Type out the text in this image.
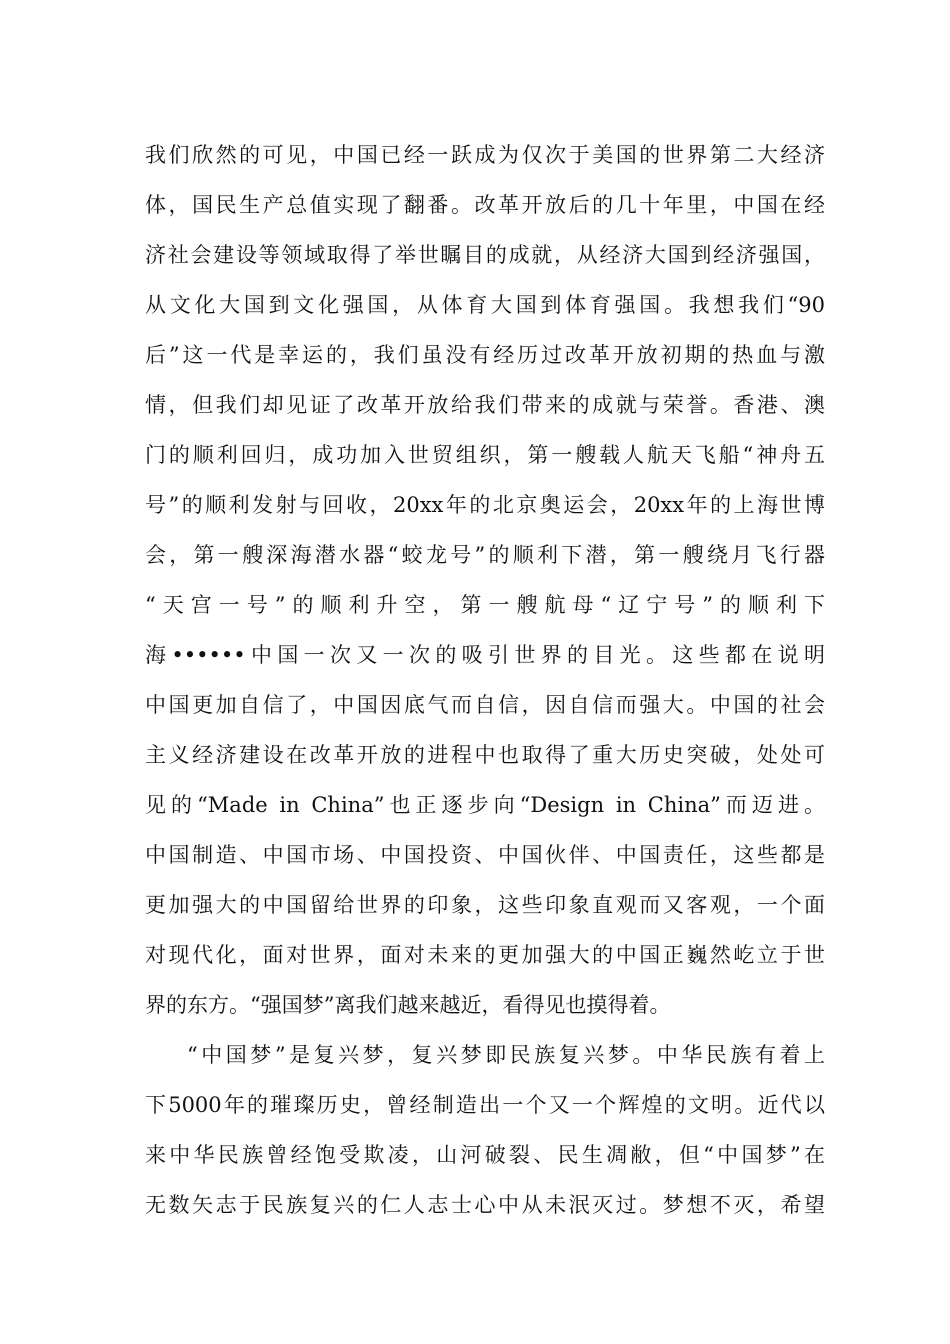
我们欣然的可见，中国已经一跃成为仅次于美国的世界第二大经济
体，国民生产总值实现了翻番。改革开放后的几十年里，中国在经
济社会建设等领域取得了举世瞩目的成就，从经济大国到经济强国，
从文化大国到文化强国，从体育大国到体育强国。我想我们“90
后”这一代是幸运的，我们虽没有经历过改革开放初期的热血与激
情，但我们却见证了改革开放给我们带来的成就与荣誉。香港、澳
门的顺利回归，成功加入世贸组织，第一艘载人航天飞船“神舟五
号”的顺利发射与回收，20xx年的北京奥运会，20xx年的上海世博
会，第一艘深海潜水器“蛟龙号”的顺利下潜，第一艘绕月飞行器
“天宫一号”的顺利升空，第一艘航母“辽宁号”的顺利下
海••••••中国一次又一次的吸引世界的目光。这些都在说明
中国更加自信了，中国因底气而自信，因自信而强大。中国的社会
主义经济建设在改革开放的进程中也取得了重大历史突破，处处可
见的“Made in China”也正逐步向“Design in China”而迈进。
中国制造、中国市场、中国投资、中国伙伴、中国责任，这些都是
更加强大的中国留给世界的印象，这些印象直观而又客观，一个面
对现代化，面对世界，面对未来的更加强大的中国正巍然屹立于世
界的东方。“强国梦”离我们越来越近，看得见也摸得着。
“中国梦”是复兴梦，复兴梦即民族复兴梦。中华民族有着上
下5000年的璀璨历史，曾经制造出一个又一个辉煌的文明。近代以
来中华民族曾经饱受欺凌，山河破裂、民生凋敝，但“中国梦”在
无数矢志于民族复兴的仁人志士心中从未泯灭过。梦想不灭，希望
